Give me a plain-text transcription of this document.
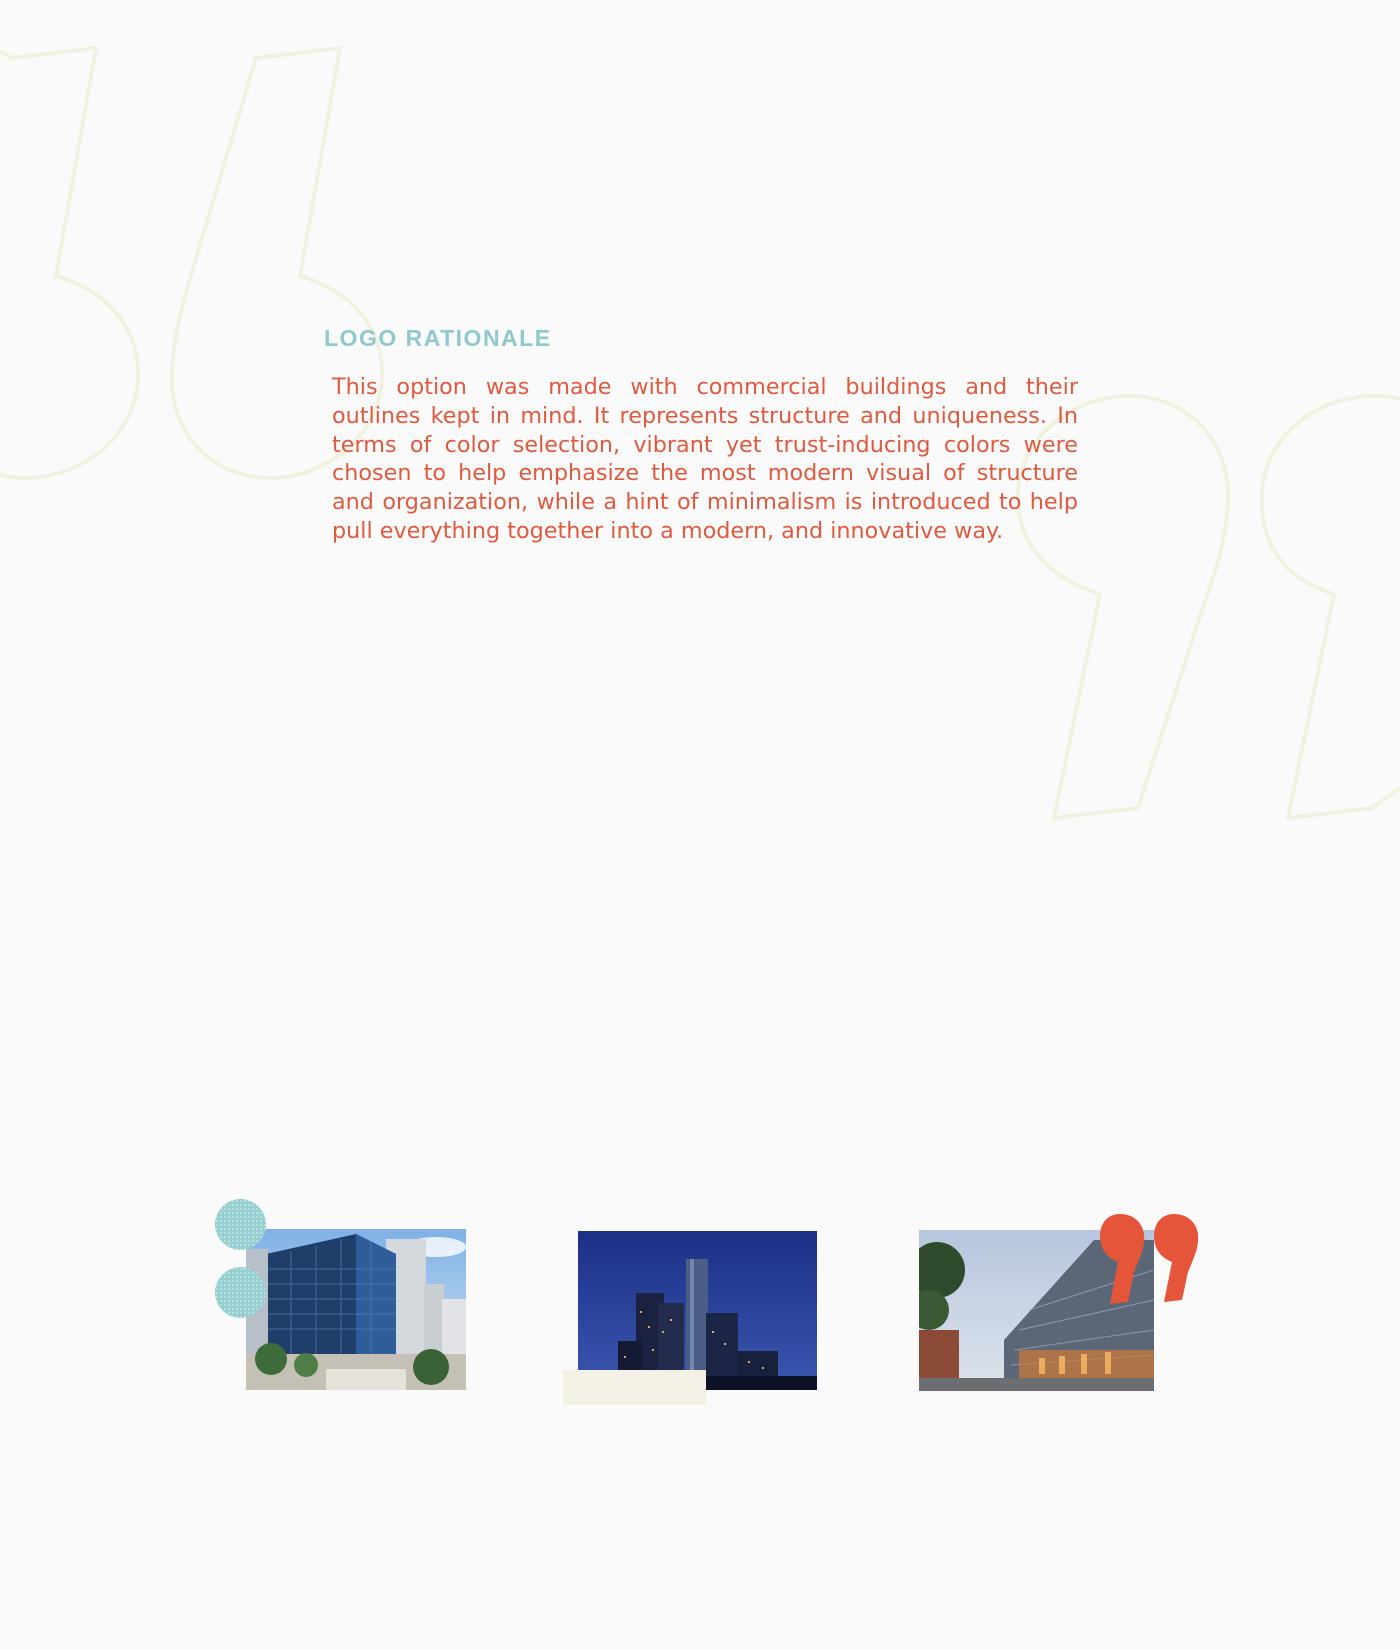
LOGO RATIONALE

This option was made with commercial buildings and their outlines kept in mind. It represents structure and uniqueness. In terms of color selection, vibrant yet trust-inducing colors were chosen to help emphasize the most modern visual of structure and organization, while a hint of minimalism is introduced to help pull everything together into a modern, and innovative way.
